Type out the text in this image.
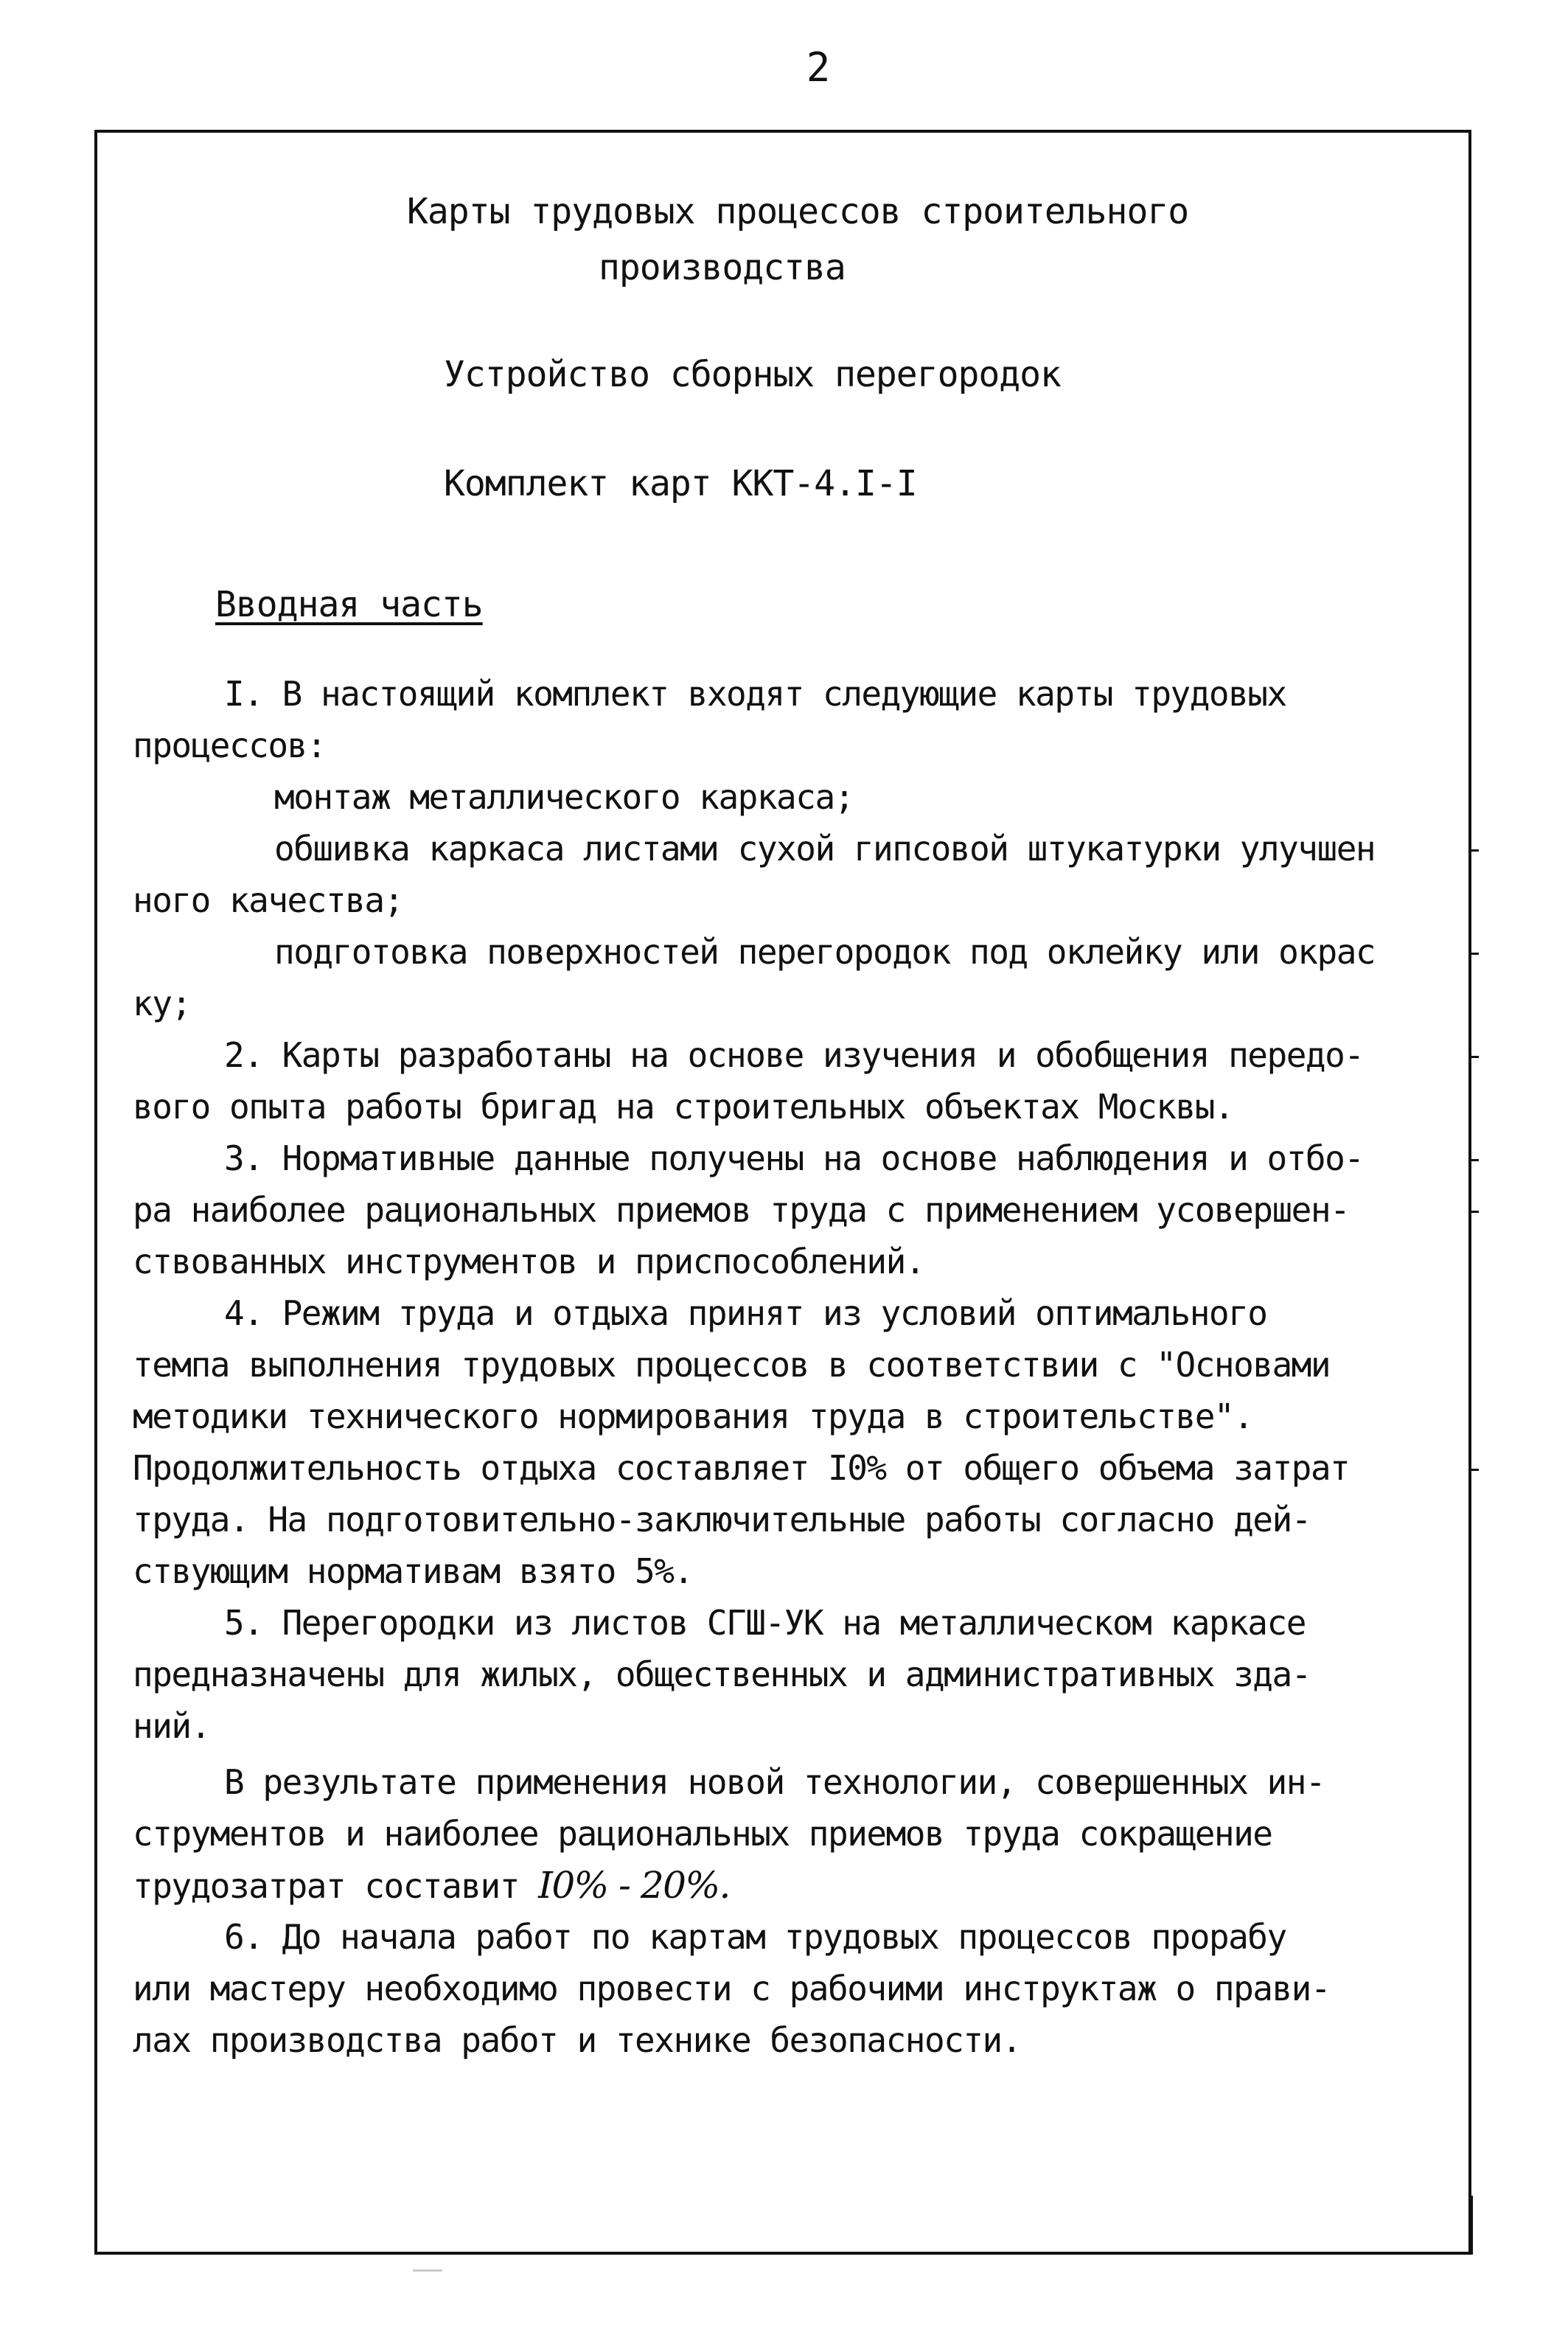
2
Карты трудовых процессов строительного
производства
Устройство сборных перегородок
Комплект карт ККТ-4.I-I
Вводная часть
I. В настоящий комплект входят следующие карты трудовых
процессов:
монтаж металлического каркаса;
обшивка каркаса листами сухой гипсовой штукатурки улучшен
ного качества;
подготовка поверхностей перегородок под оклейку или окрас
ку;
2. Карты разработаны на основе изучения и обобщения передо-
вого опыта работы бригад на строительных объектах Москвы.
3. Нормативные данные получены на основе наблюдения и отбо-
ра наиболее рациональных приемов труда с применением усовершен-
ствованных инструментов и приспособлений.
4. Режим труда и отдыха принят из условий оптимального
темпа выполнения трудовых процессов в соответствии с "Основами
методики технического нормирования труда в строительстве".
Продолжительность отдыха составляет I0% от общего объема затрат
труда. На подготовительно-заключительные работы согласно дей-
ствующим нормативам взято 5%.
5. Перегородки из листов СГШ-УК на металлическом каркасе
предназначены для жилых, общественных и административных зда-
ний.
В результате применения новой технологии, совершенных ин-
струментов и наиболее рациональных приемов труда сокращение
трудозатрат составит I0% - 20%.
6. До начала работ по картам трудовых процессов прорабу
или мастеру необходимо провести с рабочими инструктаж о прави-
лах производства работ и технике безопасности.
